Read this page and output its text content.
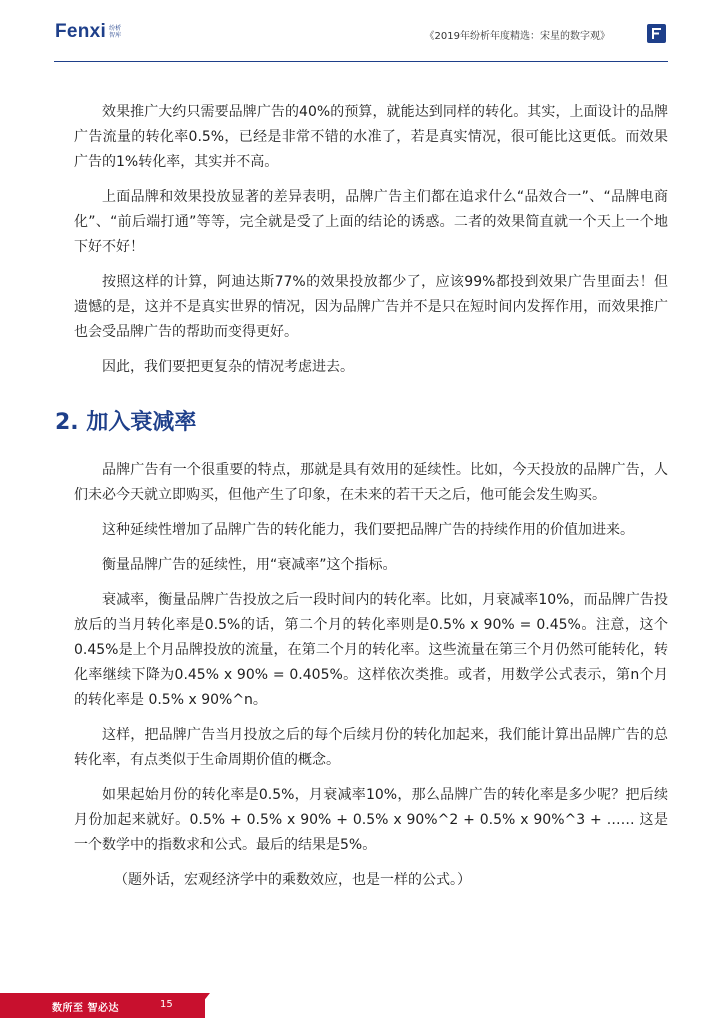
Fenxi 纷析
智库	《2019年纷析年度精选：宋星的数字观》

效果推广大约只需要品牌广告的40%的预算，就能达到同样的转化。其实，上面设计的品牌广告流量的转化率0.5%，已经是非常不错的水准了，若是真实情况，很可能比这更低。而效果广告的1%转化率，其实并不高。

上面品牌和效果投放显著的差异表明，品牌广告主们都在追求什么“品效合一”、“品牌电商化”、“前后端打通”等等，完全就是受了上面的结论的诱惑。二者的效果简直就一个天上一个地下好不好！

按照这样的计算，阿迪达斯77%的效果投放都少了，应该99%都投到效果广告里面去！但遗憾的是，这并不是真实世界的情况，因为品牌广告并不是只在短时间内发挥作用，而效果推广也会受品牌广告的帮助而变得更好。

因此，我们要把更复杂的情况考虑进去。

2. 加入衰减率

品牌广告有一个很重要的特点，那就是具有效用的延续性。比如，今天投放的品牌广告，人们未必今天就立即购买，但他产生了印象，在未来的若干天之后，他可能会发生购买。

这种延续性增加了品牌广告的转化能力，我们要把品牌广告的持续作用的价值加进来。

衡量品牌广告的延续性，用“衰减率”这个指标。

衰减率，衡量品牌广告投放之后一段时间内的转化率。比如，月衰减率10%，而品牌广告投放后的当月转化率是0.5%的话，第二个月的转化率则是0.5% x 90% = 0.45%。注意，这个0.45%是上个月品牌投放的流量，在第二个月的转化率。这些流量在第三个月仍然可能转化，转化率继续下降为0.45% x 90% = 0.405%。这样依次类推。或者，用数学公式表示，第n个月的转化率是 0.5% x 90%^n。

这样，把品牌广告当月投放之后的每个后续月份的转化加起来，我们能计算出品牌广告的总转化率，有点类似于生命周期价值的概念。

如果起始月份的转化率是0.5%，月衰减率10%，那么品牌广告的转化率是多少呢？把后续月份加起来就好。0.5% + 0.5% x 90% + 0.5% x 90%^2 + 0.5% x 90%^3 + …… 这是一个数学中的指数求和公式。最后的结果是5%。

（题外话，宏观经济学中的乘数效应，也是一样的公式。）

数所至 智必达	15
